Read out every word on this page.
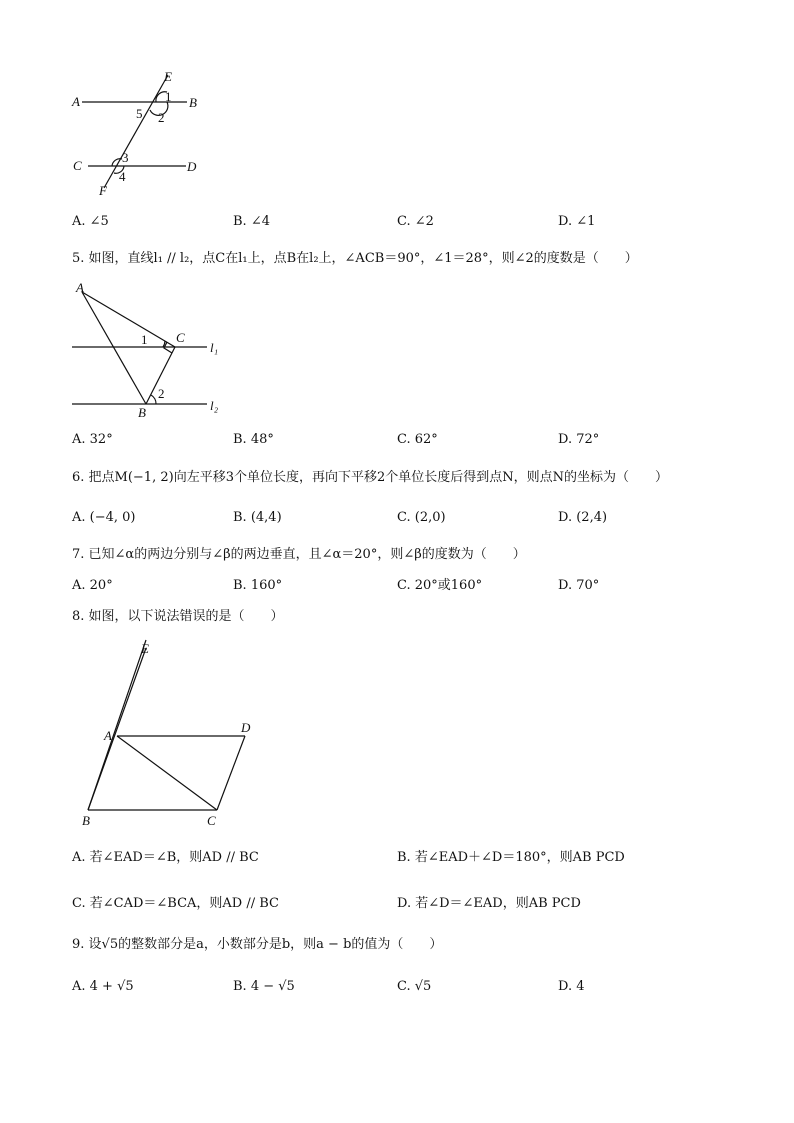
A	B
C	D
E
F
1
2
5
3
4
A. ∠5	B. ∠4	C. ∠2	D. ∠1
5. 如图，直线l₁ // l₂，点C在l₁上，点B在l₂上，∠ACB＝90°，∠1＝28°，则∠2的度数是（　　）
A
C
B
1
2
l₁
l₂
A. 32°	B. 48°	C. 62°	D. 72°
6. 把点M(−1, 2)向左平移3个单位长度，再向下平移2个单位长度后得到点N，则点N的坐标为（　　）
A. (−4, 0)	B. (4,4)	C. (2,0)	D. (2,4)
7. 已知∠α的两边分别与∠β的两边垂直，且∠α＝20°，则∠β的度数为（　　）
A. 20°	B. 160°	C. 20°或160°	D. 70°
8. 如图，以下说法错误的是（　　）
E
A
D
B	C
A. 若∠EAD＝∠B，则AD // BC	B. 若∠EAD＋∠D＝180°，则AB PCD
C. 若∠CAD＝∠BCA，则AD // BC	D. 若∠D＝∠EAD，则AB PCD
9. 设√5的整数部分是a，小数部分是b，则a − b的值为（　　）
A. 4 + √5	B. 4 − √5	C. √5	D. 4
